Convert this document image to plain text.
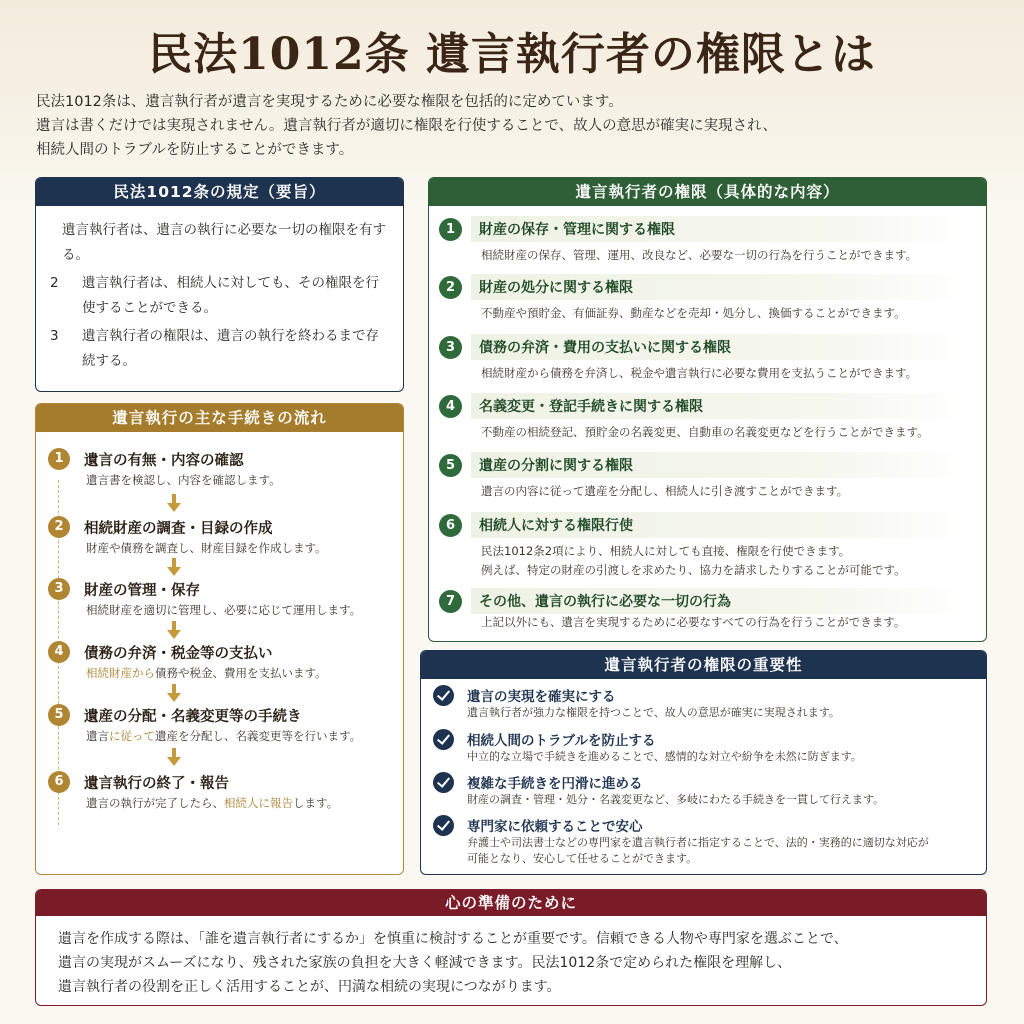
民法1012条 遺言執行者の権限とは
民法1012条は、遺言執行者が遺言を実現するために必要な権限を包括的に定めています。
遺言は書くだけでは実現されません。遺言執行者が適切に権限を行使することで、故人の意思が確実に実現され、
相続人間のトラブルを防止することができます。
民法1012条の規定（要旨）
遺言執行者は、遺言の執行に必要な一切の権限を有する。
2	遺言執行者は、相続人に対しても、その権限を行使することができる。
3	遺言執行者の権限は、遺言の執行を終わるまで存続する。
遺言執行の主な手続きの流れ
1	遺言の有無・内容の確認
遺言書を検認し、内容を確認します。
2	相続財産の調査・目録の作成
財産や債務を調査し、財産目録を作成します。
3	財産の管理・保存
相続財産を適切に管理し、必要に応じて運用します。
4	債務の弁済・税金等の支払い
相続財産から債務や税金、費用を支払います。
5	遺産の分配・名義変更等の手続き
遺言に従って遺産を分配し、名義変更等を行います。
6	遺言執行の終了・報告
遺言の執行が完了したら、相続人に報告します。
遺言執行者の権限（具体的な内容）
1	財産の保存・管理に関する権限
相続財産の保存、管理、運用、改良など、必要な一切の行為を行うことができます。
2	財産の処分に関する権限
不動産や預貯金、有価証券、動産などを売却・処分し、換価することができます。
3	債務の弁済・費用の支払いに関する権限
相続財産から債務を弁済し、税金や遺言執行に必要な費用を支払うことができます。
4	名義変更・登記手続きに関する権限
不動産の相続登記、預貯金の名義変更、自動車の名義変更などを行うことができます。
5	遺産の分割に関する権限
遺言の内容に従って遺産を分配し、相続人に引き渡すことができます。
6	相続人に対する権限行使
民法1012条2項により、相続人に対しても直接、権限を行使できます。
例えば、特定の財産の引渡しを求めたり、協力を請求したりすることが可能です。
7	その他、遺言の執行に必要な一切の行為
上記以外にも、遺言を実現するために必要なすべての行為を行うことができます。
遺言執行者の権限の重要性
遺言の実現を確実にする
遺言執行者が強力な権限を持つことで、故人の意思が確実に実現されます。
相続人間のトラブルを防止する
中立的な立場で手続きを進めることで、感情的な対立や紛争を未然に防ぎます。
複雑な手続きを円滑に進める
財産の調査・管理・処分・名義変更など、多岐にわたる手続きを一貫して行えます。
専門家に依頼することで安心
弁護士や司法書士などの専門家を遺言執行者に指定することで、法的・実務的に適切な対応が
可能となり、安心して任せることができます。
心の準備のために
遺言を作成する際は、「誰を遺言執行者にするか」を慎重に検討することが重要です。信頼できる人物や専門家を選ぶことで、
遺言の実現がスムーズになり、残された家族の負担を大きく軽減できます。民法1012条で定められた権限を理解し、
遺言執行者の役割を正しく活用することが、円満な相続の実現につながります。
